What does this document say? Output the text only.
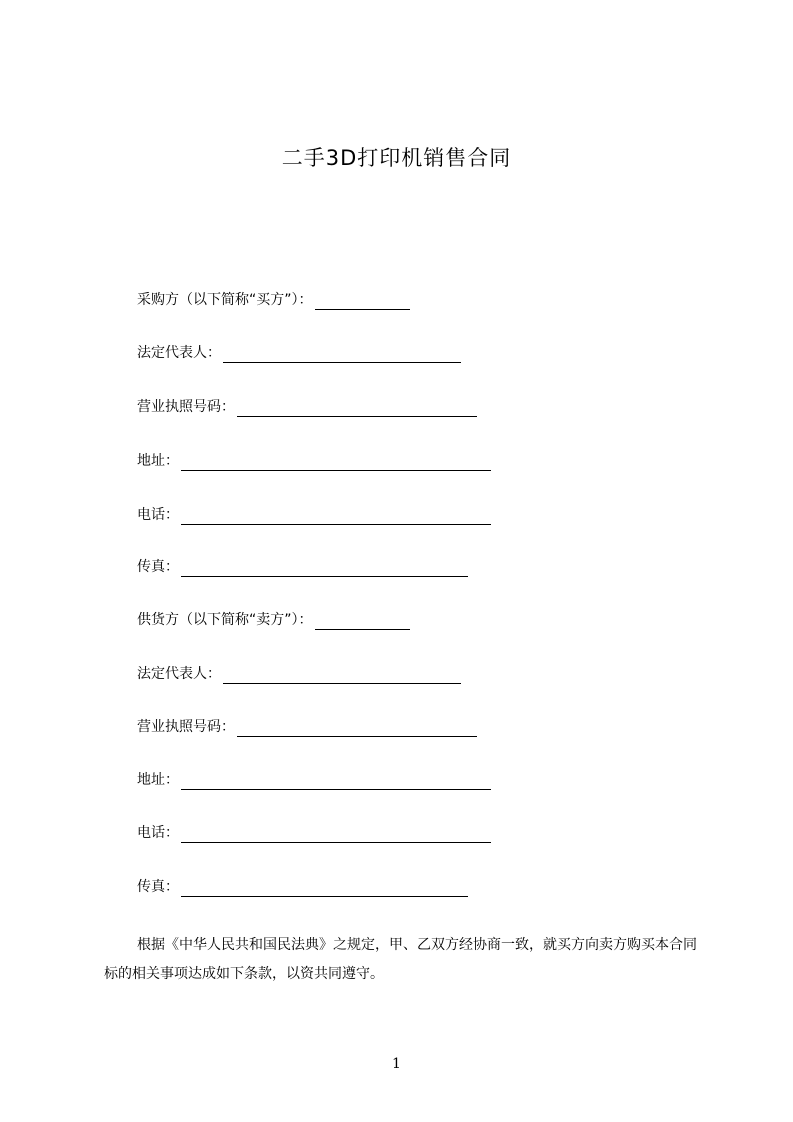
二手3D打印机销售合同
采购方（以下简称“买方”）：
法定代表人：
营业执照号码：
地址：
电话：
传真：
供货方（以下简称“卖方”）：
法定代表人：
营业执照号码：
地址：
电话：
传真：

根据《中华人民共和国民法典》之规定，甲、乙双方经协商一致，就买方向卖方购买本合同标的相关事项达成如下条款，以资共同遵守。

1
